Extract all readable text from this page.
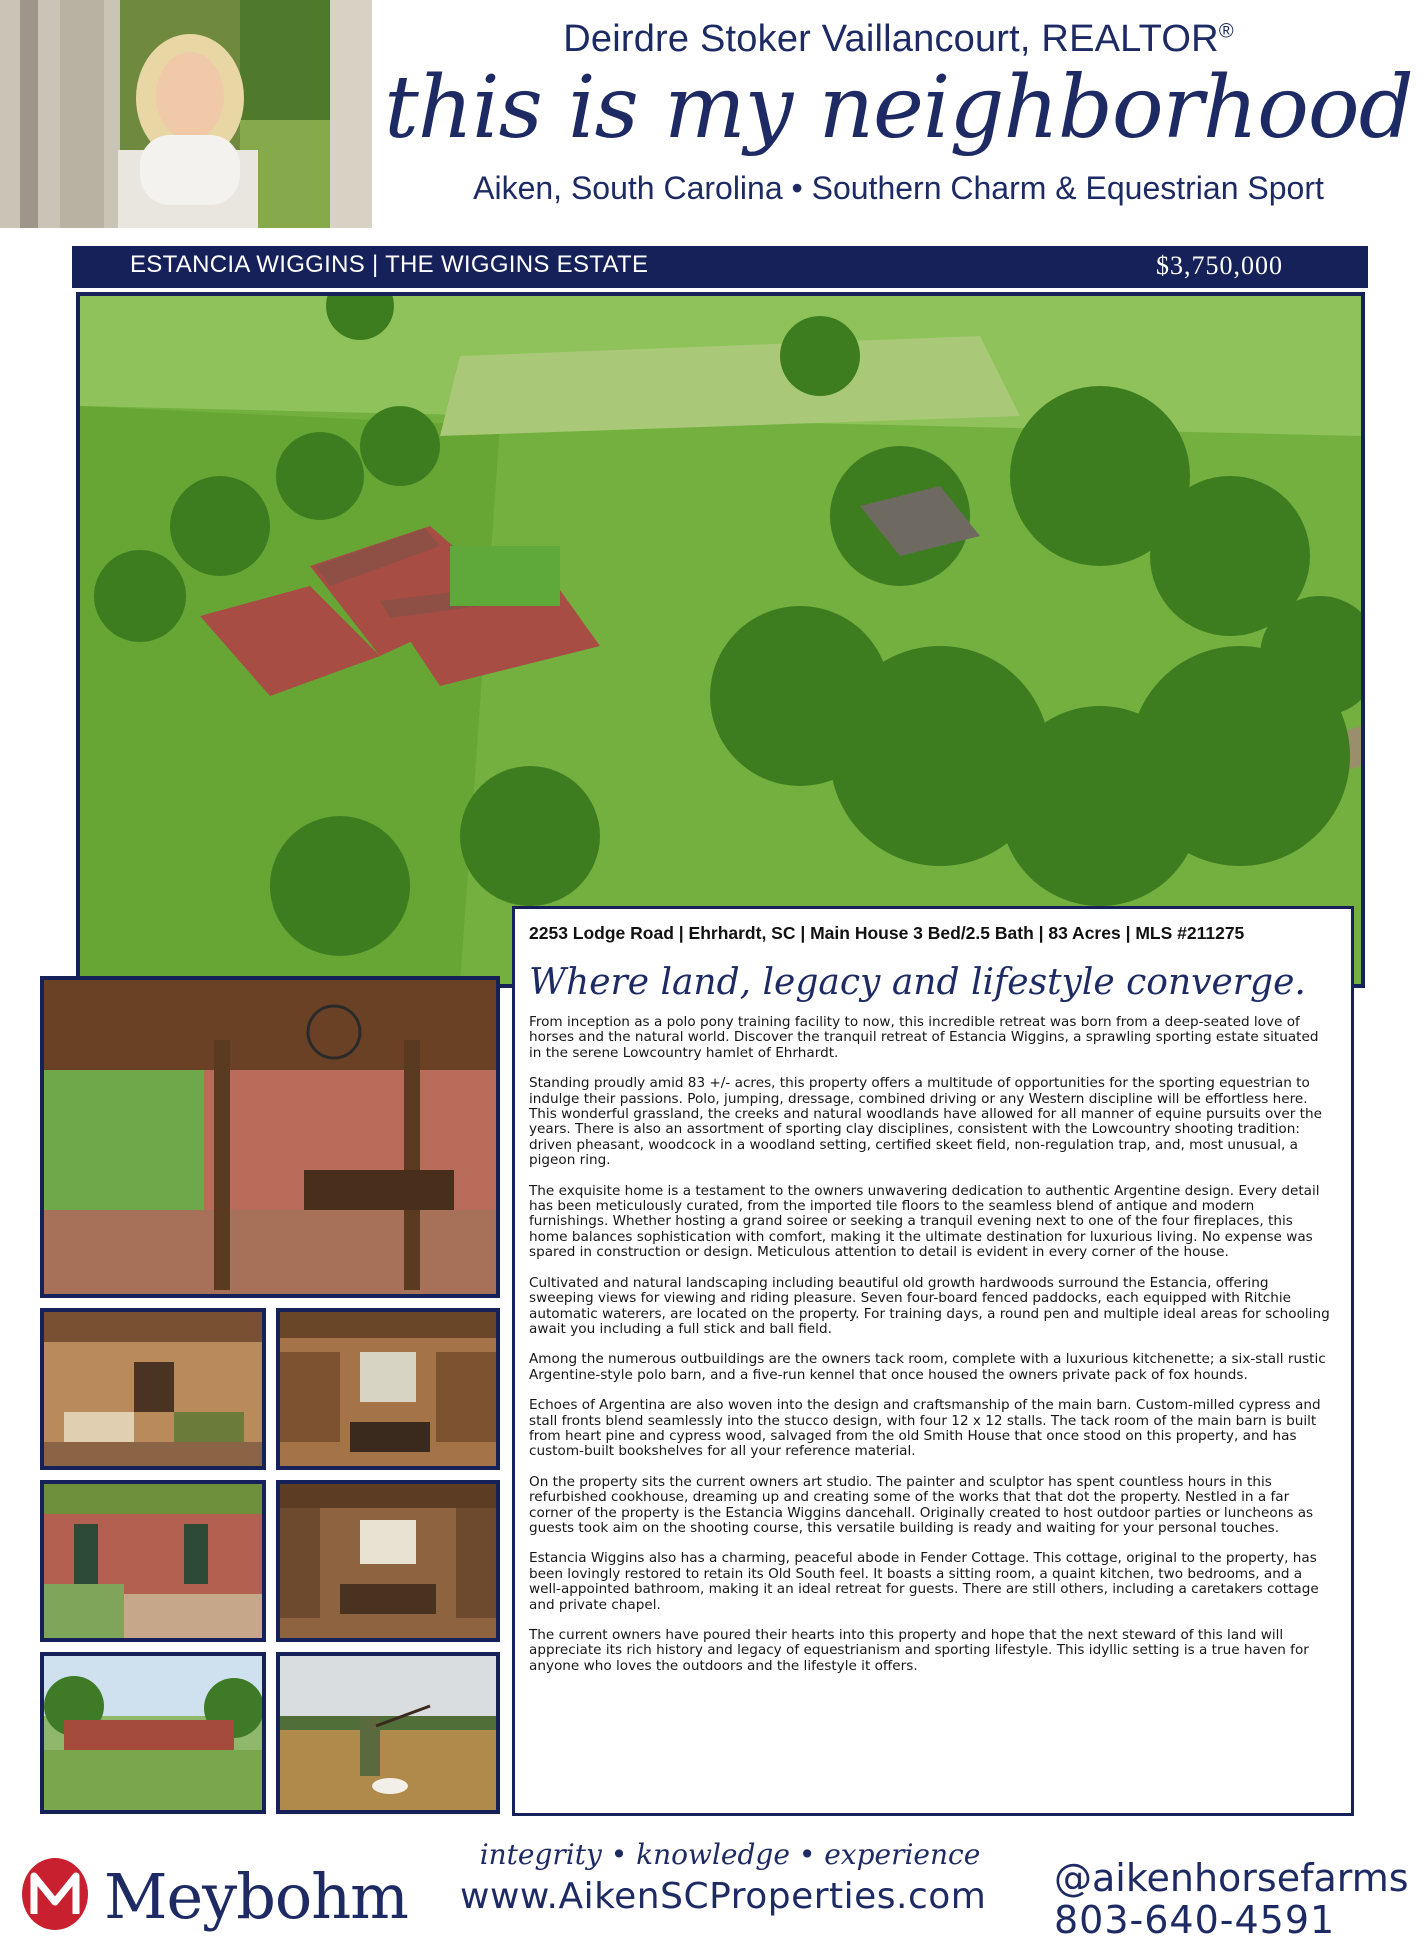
Deirdre Stoker Vaillancourt, REALTOR®
this is my neighborhood
Aiken, South Carolina • Southern Charm & Equestrian Sport
ESTANCIA WIGGINS | THE WIGGINS ESTATE	$3,750,000
2253 Lodge Road | Ehrhardt, SC | Main House 3 Bed/2.5 Bath | 83 Acres | MLS #211275
Where land, legacy and lifestyle converge.

From inception as a polo pony training facility to now, this incredible retreat was born from a deep-seated love of horses and the natural world. Discover the tranquil retreat of Estancia Wiggins, a sprawling sporting estate situated in the serene Lowcountry hamlet of Ehrhardt.

Standing proudly amid 83 +/- acres, this property offers a multitude of opportunities for the sporting equestrian to indulge their passions. Polo, jumping, dressage, combined driving or any Western discipline will be effortless here. This wonderful grassland, the creeks and natural woodlands have allowed for all manner of equine pursuits over the years. There is also an assortment of sporting clay disciplines, consistent with the Lowcountry shooting tradition: driven pheasant, woodcock in a woodland setting, certified skeet field, non-regulation trap, and, most unusual, a pigeon ring.

The exquisite home is a testament to the owners unwavering dedication to authentic Argentine design. Every detail has been meticulously curated, from the imported tile floors to the seamless blend of antique and modern furnishings. Whether hosting a grand soiree or seeking a tranquil evening next to one of the four fireplaces, this home balances sophistication with comfort, making it the ultimate destination for luxurious living. No expense was spared in construction or design. Meticulous attention to detail is evident in every corner of the house.

Cultivated and natural landscaping including beautiful old growth hardwoods surround the Estancia, offering sweeping views for viewing and riding pleasure. Seven four-board fenced paddocks, each equipped with Ritchie automatic waterers, are located on the property. For training days, a round pen and multiple ideal areas for schooling await you including a full stick and ball field.

Among the numerous outbuildings are the owners tack room, complete with a luxurious kitchenette; a six-stall rustic Argentine-style polo barn, and a five-run kennel that once housed the owners private pack of fox hounds.

Echoes of Argentina are also woven into the design and craftsmanship of the main barn. Custom-milled cypress and stall fronts blend seamlessly into the stucco design, with four 12 x 12 stalls. The tack room of the main barn is built from heart pine and cypress wood, salvaged from the old Smith House that once stood on this property, and has custom-built bookshelves for all your reference material.

On the property sits the current owners art studio. The painter and sculptor has spent countless hours in this refurbished cookhouse, dreaming up and creating some of the works that that dot the property. Nestled in a far corner of the property is the Estancia Wiggins dancehall. Originally created to host outdoor parties or luncheons as guests took aim on the shooting course, this versatile building is ready and waiting for your personal touches.

Estancia Wiggins also has a charming, peaceful abode in Fender Cottage. This cottage, original to the property, has been lovingly restored to retain its Old South feel. It boasts a sitting room, a quaint kitchen, two bedrooms, and a well-appointed bathroom, making it an ideal retreat for guests. There are still others, including a caretakers cottage and private chapel.

The current owners have poured their hearts into this property and hope that the next steward of this land will appreciate its rich history and legacy of equestrianism and sporting lifestyle. This idyllic setting is a true haven for anyone who loves the outdoors and the lifestyle it offers.

Meybohm
integrity • knowledge • experience
www.AikenSCProperties.com @aikenhorsefarms
803-640-4591
